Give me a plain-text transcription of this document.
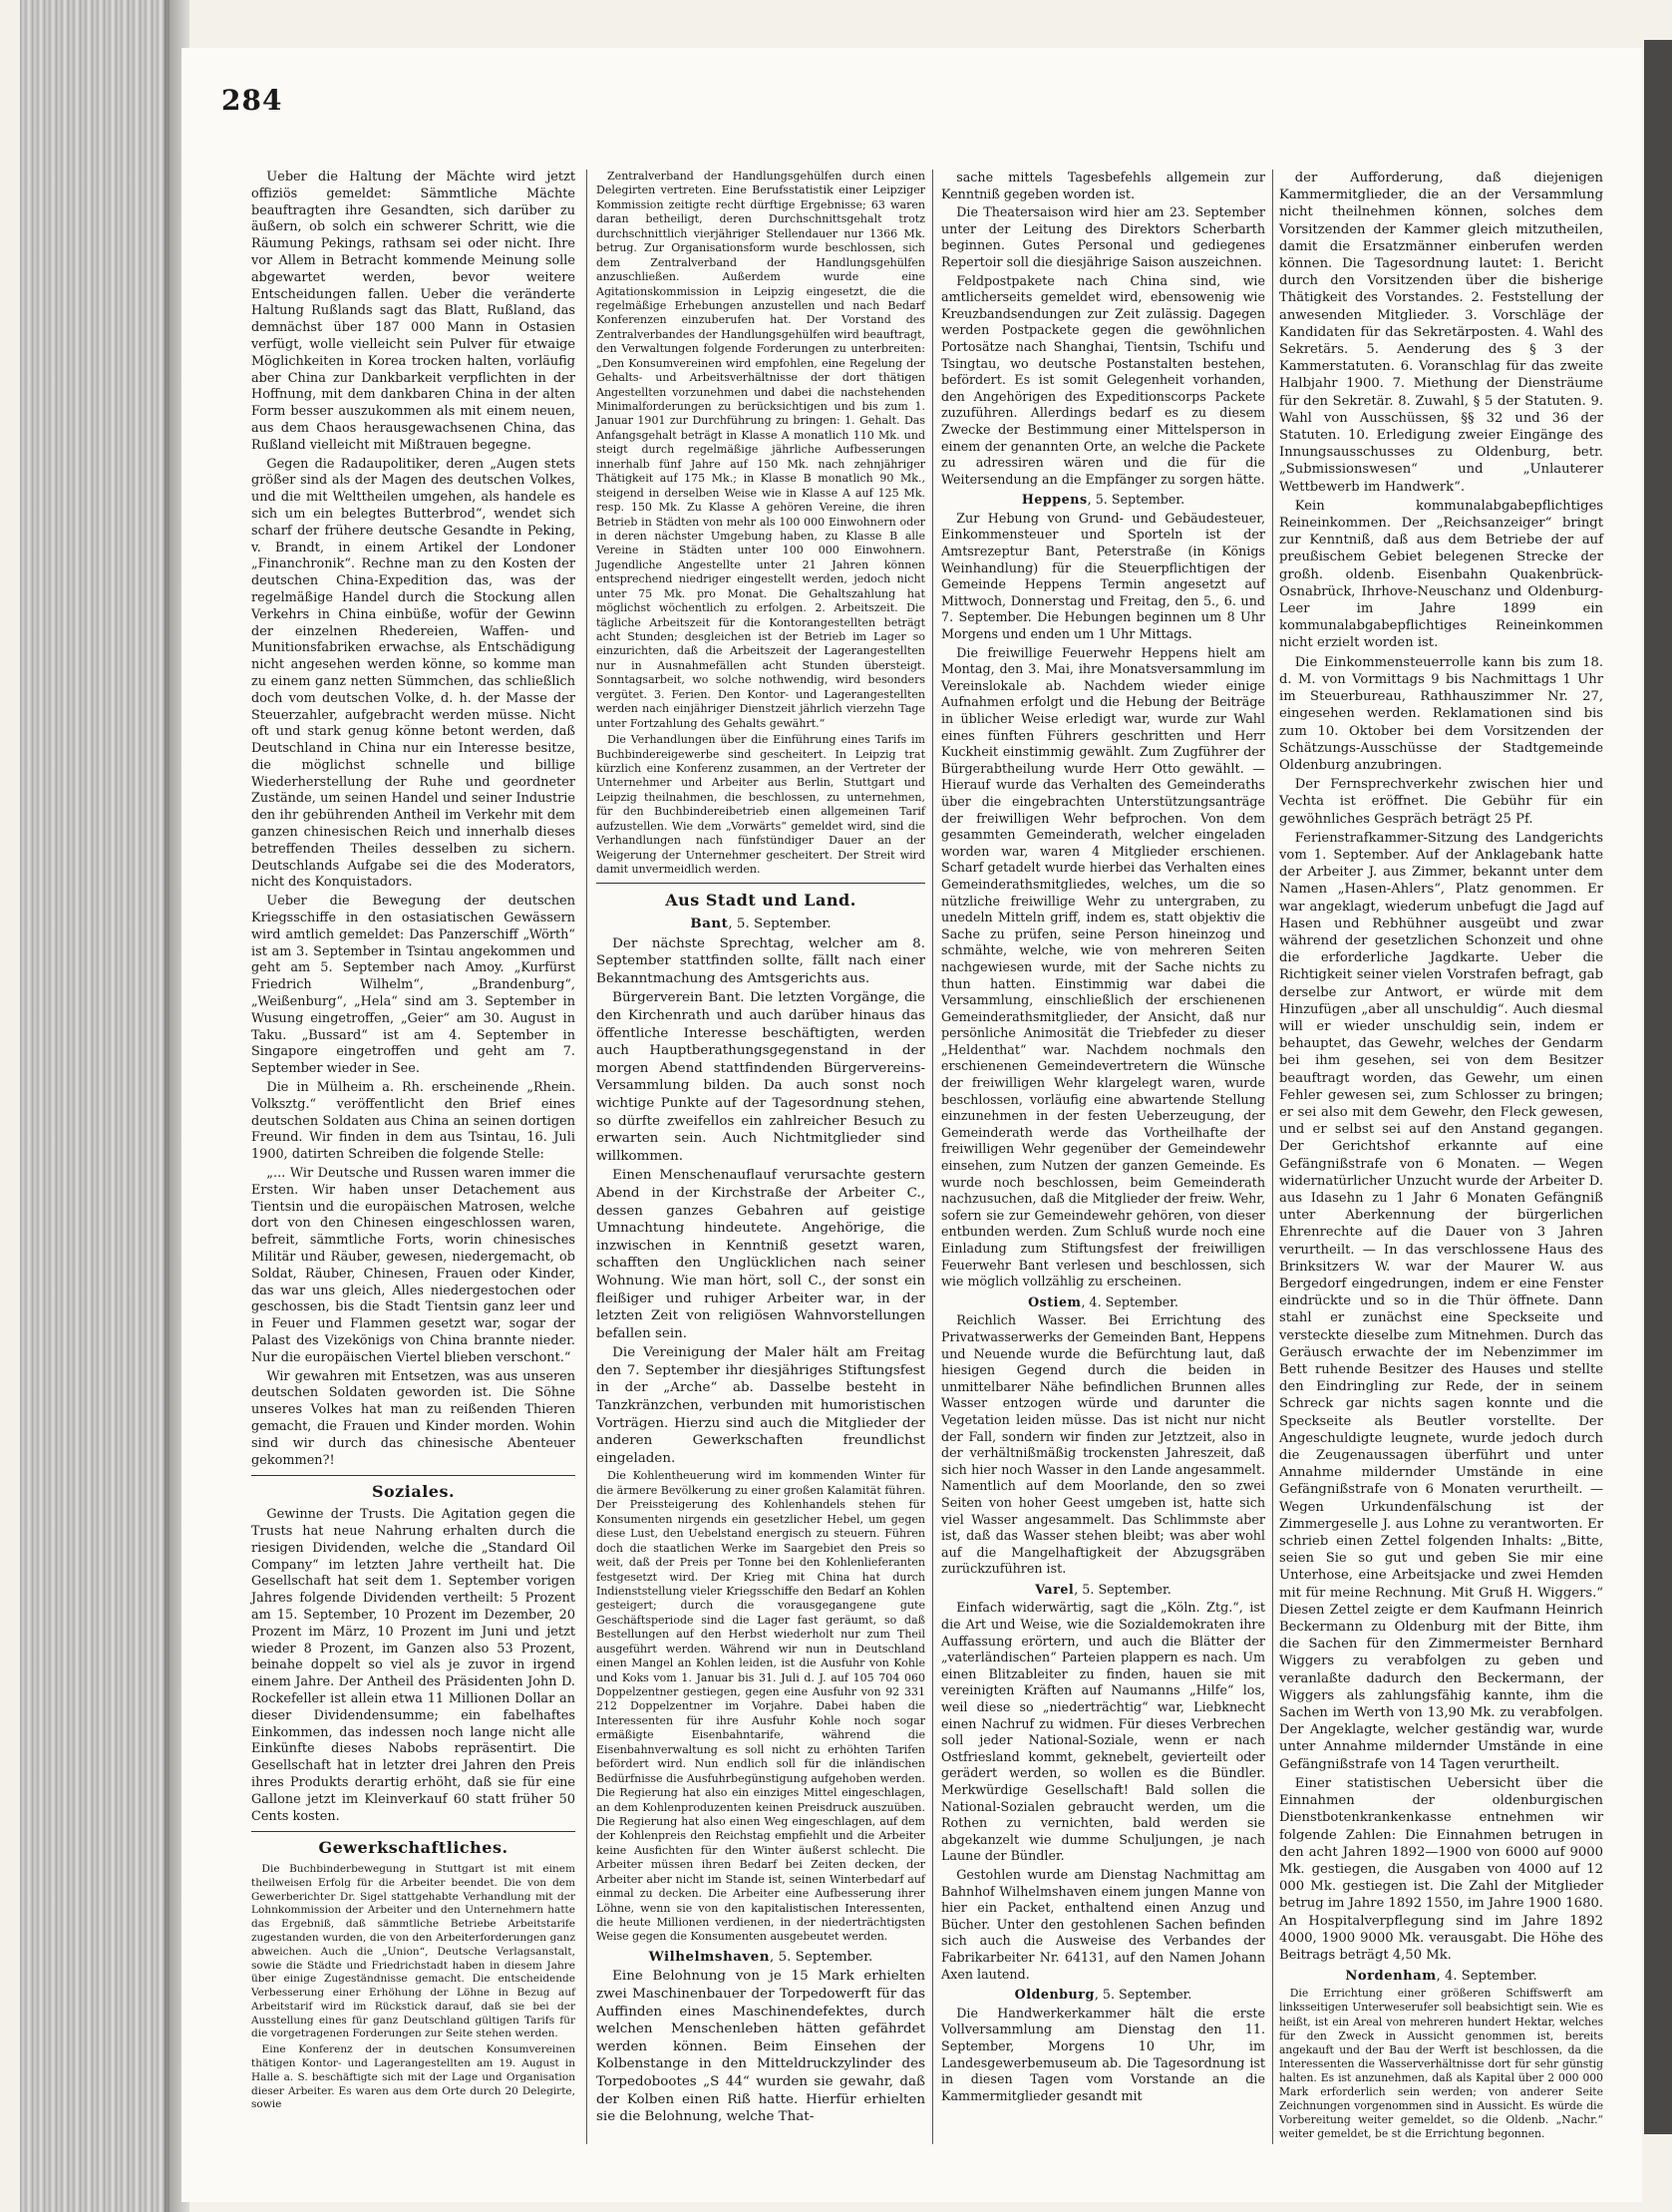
284

Ueber die Haltung der Mächte wird jetzt offiziös gemeldet: Sämmtliche Mächte beauftragten ihre Gesandten, sich darüber zu äußern, ob solch ein schwerer Schritt, wie die Räumung Pekings, rathsam sei oder nicht. Ihre vor Allem in Betracht kommende Meinung solle abgewartet werden, bevor weitere Entscheidungen fallen. Ueber die veränderte Haltung Rußlands sagt das Blatt, Rußland, das demnächst über 187 000 Mann in Ostasien verfügt, wolle vielleicht sein Pulver für etwaige Möglichkeiten in Korea trocken halten, vorläufig aber China zur Dankbarkeit verpflichten in der Hoffnung, mit dem dankbaren China in der alten Form besser auszukommen als mit einem neuen, aus dem Chaos herausgewachsenen China, das Rußland vielleicht mit Mißtrauen begegne.

Gegen die Radaupolitiker, deren „Augen stets größer sind als der Magen des deutschen Volkes, und die mit Welttheilen umgehen, als handele es sich um ein belegtes Butterbrod“, wendet sich scharf der frühere deutsche Gesandte in Peking, v. Brandt, in einem Artikel der Londoner „Financhronik“. Rechne man zu den Kosten der deutschen China-Expedition das, was der regelmäßige Handel durch die Stockung allen Verkehrs in China einbüße, wofür der Gewinn der einzelnen Rhedereien, Waffen- und Munitionsfabriken erwachse, als Entschädigung nicht angesehen werden könne, so komme man zu einem ganz netten Sümmchen, das schließlich doch vom deutschen Volke, d. h. der Masse der Steuerzahler, aufgebracht werden müsse. Nicht oft und stark genug könne betont werden, daß Deutschland in China nur ein Interesse besitze, die möglichst schnelle und billige Wiederherstellung der Ruhe und geordneter Zustände, um seinen Handel und seiner Industrie den ihr gebührenden Antheil im Verkehr mit dem ganzen chinesischen Reich und innerhalb dieses betreffenden Theiles desselben zu sichern. Deutschlands Aufgabe sei die des Moderators, nicht des Konquistadors.

Ueber die Bewegung der deutschen Kriegsschiffe in den ostasiatischen Gewässern wird amtlich gemeldet: Das Panzerschiff „Wörth“ ist am 3. September in Tsintau angekommen und geht am 5. September nach Amoy. „Kurfürst Friedrich Wilhelm“, „Brandenburg“, „Weißenburg“, „Hela“ sind am 3. September in Wusung eingetroffen, „Geier“ am 30. August in Taku. „Bussard“ ist am 4. September in Singapore eingetroffen und geht am 7. September wieder in See.

Die in Mülheim a. Rh. erscheinende „Rhein. Volksztg.“ veröffentlicht den Brief eines deutschen Soldaten aus China an seinen dortigen Freund. Wir finden in dem aus Tsintau, 16. Juli 1900, datirten Schreiben die folgende Stelle:

„... Wir Deutsche und Russen waren immer die Ersten. Wir haben unser Detachement aus Tientsin und die europäischen Matrosen, welche dort von den Chinesen eingeschlossen waren, befreit, sämmtliche Forts, worin chinesisches Militär und Räuber, gewesen, niedergemacht, ob Soldat, Räuber, Chinesen, Frauen oder Kinder, das war uns gleich, Alles niedergestochen oder geschossen, bis die Stadt Tientsin ganz leer und in Feuer und Flammen gesetzt war, sogar der Palast des Vizekönigs von China brannte nieder. Nur die europäischen Viertel blieben verschont.“

Wir gewahren mit Entsetzen, was aus unseren deutschen Soldaten geworden ist. Die Söhne unseres Volkes hat man zu reißenden Thieren gemacht, die Frauen und Kinder morden. Wohin sind wir durch das chinesische Abenteuer gekommen?!

Soziales.

Gewinne der Trusts. Die Agitation gegen die Trusts hat neue Nahrung erhalten durch die riesigen Dividenden, welche die „Standard Oil Company“ im letzten Jahre vertheilt hat. Die Gesellschaft hat seit dem 1. September vorigen Jahres folgende Dividenden vertheilt: 5 Prozent am 15. September, 10 Prozent im Dezember, 20 Prozent im März, 10 Prozent im Juni und jetzt wieder 8 Prozent, im Ganzen also 53 Prozent, beinahe doppelt so viel als je zuvor in irgend einem Jahre. Der Antheil des Präsidenten John D. Rockefeller ist allein etwa 11 Millionen Dollar an dieser Dividendensumme; ein fabelhaftes Einkommen, das indessen noch lange nicht alle Einkünfte dieses Nabobs repräsentirt. Die Gesellschaft hat in letzter drei Jahren den Preis ihres Produkts derartig erhöht, daß sie für eine Gallone jetzt im Kleinverkauf 60 statt früher 50 Cents kosten.

Gewerkschaftliches.

Die Buchbinderbewegung in Stuttgart ist mit einem theilweisen Erfolg für die Arbeiter beendet. Die von dem Gewerberichter Dr. Sigel stattgehabte Verhandlung mit der Lohnkommission der Arbeiter und den Unternehmern hatte das Ergebniß, daß sämmtliche Betriebe Arbeitstarife zugestanden wurden, die von den Arbeiterforderungen ganz abweichen. Auch die „Union“, Deutsche Verlagsanstalt, sowie die Städte und Friedrichstadt haben in diesem Jahre über einige Zugeständnisse gemacht. Die entscheidende Verbesserung einer Erhöhung der Löhne in Bezug auf Arbeitstarif wird im Rückstick darauf, daß sie bei der Ausstellung eines für ganz Deutschland gültigen Tarifs für die vorgetragenen Forderungen zur Seite stehen werden.

Eine Konferenz der in deutschen Konsumvereinen thätigen Kontor- und Lagerangestellten am 19. August in Halle a. S. beschäftigte sich mit der Lage und Organisation dieser Arbeiter. Es waren aus dem Orte durch 20 Delegirte, sowie

Zentralverband der Handlungsgehülfen durch einen Delegirten vertreten. Eine Berufsstatistik einer Leipziger Kommission zeitigte recht dürftige Ergebnisse; 63 waren daran betheiligt, deren Durchschnittsgehalt trotz durchschnittlich vierjähriger Stellendauer nur 1366 Mk. betrug. Zur Organisationsform wurde beschlossen, sich dem Zentralverband der Handlungsgehülfen anzuschließen. Außerdem wurde eine Agitationskommission in Leipzig eingesetzt, die die regelmäßige Erhebungen anzustellen und nach Bedarf Konferenzen einzuberufen hat. Der Vorstand des Zentralverbandes der Handlungsgehülfen wird beauftragt, den Verwaltungen folgende Forderungen zu unterbreiten: „Den Konsumvereinen wird empfohlen, eine Regelung der Gehalts- und Arbeitsverhältnisse der dort thätigen Angestellten vorzunehmen und dabei die nachstehenden Minimalforderungen zu berücksichtigen und bis zum 1. Januar 1901 zur Durchführung zu bringen: 1. Gehalt. Das Anfangsgehalt beträgt in Klasse A monatlich 110 Mk. und steigt durch regelmäßige jährliche Aufbesserungen innerhalb fünf Jahre auf 150 Mk. nach zehnjähriger Thätigkeit auf 175 Mk.; in Klasse B monatlich 90 Mk., steigend in derselben Weise wie in Klasse A auf 125 Mk. resp. 150 Mk. Zu Klasse A gehören Vereine, die ihren Betrieb in Städten von mehr als 100 000 Einwohnern oder in deren nächster Umgebung haben, zu Klasse B alle Vereine in Städten unter 100 000 Einwohnern. Jugendliche Angestellte unter 21 Jahren können entsprechend niedriger eingestellt werden, jedoch nicht unter 75 Mk. pro Monat. Die Gehaltszahlung hat möglichst wöchentlich zu erfolgen. 2. Arbeitszeit. Die tägliche Arbeitszeit für die Kontorangestellten beträgt acht Stunden; desgleichen ist der Betrieb im Lager so einzurichten, daß die Arbeitszeit der Lagerangestellten nur in Ausnahmefällen acht Stunden übersteigt. Sonntagsarbeit, wo solche nothwendig, wird besonders vergütet. 3. Ferien. Den Kontor- und Lagerangestellten werden nach einjähriger Dienstzeit jährlich vierzehn Tage unter Fortzahlung des Gehalts gewährt.“

Die Verhandlungen über die Einführung eines Tarifs im Buchbindereigewerbe sind gescheitert. In Leipzig trat kürzlich eine Konferenz zusammen, an der Vertreter der Unternehmer und Arbeiter aus Berlin, Stuttgart und Leipzig theilnahmen, die beschlossen, zu unternehmen, für den Buchbindereibetrieb einen allgemeinen Tarif aufzustellen. Wie dem „Vorwärts“ gemeldet wird, sind die Verhandlungen nach fünfstündiger Dauer an der Weigerung der Unternehmer gescheitert. Der Streit wird damit unvermeidlich werden.

Aus Stadt und Land.
Bant, 5. September.

Der nächste Sprechtag, welcher am 8. September stattfinden sollte, fällt nach einer Bekanntmachung des Amtsgerichts aus.

Bürgerverein Bant. Die letzten Vorgänge, die den Kirchenrath und auch darüber hinaus das öffentliche Interesse beschäftigten, werden auch Hauptberathungsgegenstand in der morgen Abend stattfindenden Bürgervereins-Versammlung bilden. Da auch sonst noch wichtige Punkte auf der Tagesordnung stehen, so dürfte zweifellos ein zahlreicher Besuch zu erwarten sein. Auch Nichtmitglieder sind willkommen.

Einen Menschenauflauf verursachte gestern Abend in der Kirchstraße der Arbeiter C., dessen ganzes Gebahren auf geistige Umnachtung hindeutete. Angehörige, die inzwischen in Kenntniß gesetzt waren, schafften den Unglücklichen nach seiner Wohnung. Wie man hört, soll C., der sonst ein fleißiger und ruhiger Arbeiter war, in der letzten Zeit von religiösen Wahnvorstellungen befallen sein.

Die Vereinigung der Maler hält am Freitag den 7. September ihr diesjähriges Stiftungsfest in der „Arche“ ab. Dasselbe besteht in Tanzkränzchen, verbunden mit humoristischen Vorträgen. Hierzu sind auch die Mitglieder der anderen Gewerkschaften freundlichst eingeladen.

Die Kohlentheuerung wird im kommenden Winter für die ärmere Bevölkerung zu einer großen Kalamität führen. Der Preissteigerung des Kohlenhandels stehen für Konsumenten nirgends ein gesetzlicher Hebel, um gegen diese Lust, den Uebelstand energisch zu steuern. Führen doch die staatlichen Werke im Saargebiet den Preis so weit, daß der Preis per Tonne bei den Kohlenlieferanten festgesetzt wird. Der Krieg mit China hat durch Indienststellung vieler Kriegsschiffe den Bedarf an Kohlen gesteigert; durch die vorausgegangene gute Geschäftsperiode sind die Lager fast geräumt, so daß Bestellungen auf den Herbst wiederholt nur zum Theil ausgeführt werden. Während wir nun in Deutschland einen Mangel an Kohlen leiden, ist die Ausfuhr von Kohle und Koks vom 1. Januar bis 31. Juli d. J. auf 105 704 060 Doppelzentner gestiegen, gegen eine Ausfuhr von 92 331 212 Doppelzentner im Vorjahre. Dabei haben die Interessenten für ihre Ausfuhr Kohle noch sogar ermäßigte Eisenbahntarife, während die Eisenbahnverwaltung es soll nicht zu erhöhten Tarifen befördert wird. Nun endlich soll für die inländischen Bedürfnisse die Ausfuhrbegünstigung aufgehoben werden. Die Regierung hat also ein einziges Mittel eingeschlagen, an dem Kohlenproduzenten keinen Preisdruck auszuüben. Die Regierung hat also einen Weg eingeschlagen, auf dem der Kohlenpreis den Reichstag empfiehlt und die Arbeiter keine Ausfichten für den Winter äußerst schlecht. Die Arbeiter müssen ihren Bedarf bei Zeiten decken, der Arbeiter aber nicht im Stande ist, seinen Winterbedarf auf einmal zu decken. Die Arbeiter eine Aufbesserung ihrer Löhne, wenn sie von den kapitalistischen Interessenten, die heute Millionen verdienen, in der niederträchtigsten Weise gegen die Konsumenten ausgebeutet werden.

Wilhelmshaven, 5. September.

Eine Belohnung von je 15 Mark erhielten zwei Maschinenbauer der Torpedowerft für das Auffinden eines Maschinendefektes, durch welchen Menschenleben hätten gefährdet werden können. Beim Einsehen der Kolbenstange in den Mitteldruckzylinder des Torpedobootes „S 44“ wurden sie gewahr, daß der Kolben einen Riß hatte. Hierfür erhielten sie die Belohnung, welche That-

sache mittels Tagesbefehls allgemein zur Kenntniß gegeben worden ist.

Die Theatersaison wird hier am 23. September unter der Leitung des Direktors Scherbarth beginnen. Gutes Personal und gediegenes Repertoir soll die diesjährige Saison auszeichnen.

Feldpostpakete nach China sind, wie amtlicherseits gemeldet wird, ebensowenig wie Kreuzbandsendungen zur Zeit zulässig. Dagegen werden Postpackete gegen die gewöhnlichen Portosätze nach Shanghai, Tientsin, Tschifu und Tsingtau, wo deutsche Postanstalten bestehen, befördert. Es ist somit Gelegenheit vorhanden, den Angehörigen des Expeditionscorps Packete zuzuführen. Allerdings bedarf es zu diesem Zwecke der Bestimmung einer Mittelsperson in einem der genannten Orte, an welche die Packete zu adressiren wären und die für die Weitersendung an die Empfänger zu sorgen hätte.

Heppens, 5. September.

Zur Hebung von Grund- und Gebäudesteuer, Einkommensteuer und Sporteln ist der Amtsrezeptur Bant, Peterstraße (in Königs Weinhandlung) für die Steuerpflichtigen der Gemeinde Heppens Termin angesetzt auf Mittwoch, Donnerstag und Freitag, den 5., 6. und 7. September. Die Hebungen beginnen um 8 Uhr Morgens und enden um 1 Uhr Mittags.

Die freiwillige Feuerwehr Heppens hielt am Montag, den 3. Mai, ihre Monatsversammlung im Vereinslokale ab. Nachdem wieder einige Aufnahmen erfolgt und die Hebung der Beiträge in üblicher Weise erledigt war, wurde zur Wahl eines fünften Führers geschritten und Herr Kuckheit einstimmig gewählt. Zum Zugführer der Bürgerabtheilung wurde Herr Otto gewählt. — Hierauf wurde das Verhalten des Gemeinderaths über die eingebrachten Unterstützungsanträge der freiwilligen Wehr befprochen. Von dem gesammten Gemeinderath, welcher eingeladen worden war, waren 4 Mitglieder erschienen. Scharf getadelt wurde hierbei das Verhalten eines Gemeinderathsmitgliedes, welches, um die so nützliche freiwillige Wehr zu untergraben, zu unedeln Mitteln griff, indem es, statt objektiv die Sache zu prüfen, seine Person hineinzog und schmähte, welche, wie von mehreren Seiten nachgewiesen wurde, mit der Sache nichts zu thun hatten. Einstimmig war dabei die Versammlung, einschließlich der erschienenen Gemeinderathsmitglieder, der Ansicht, daß nur persönliche Animosität die Triebfeder zu dieser „Heldenthat“ war. Nachdem nochmals den erschienenen Gemeindevertretern die Wünsche der freiwilligen Wehr klargelegt waren, wurde beschlossen, vorläufig eine abwartende Stellung einzunehmen in der festen Ueberzeugung, der Gemeinderath werde das Vortheilhafte der freiwilligen Wehr gegenüber der Gemeindewehr einsehen, zum Nutzen der ganzen Gemeinde. Es wurde noch beschlossen, beim Gemeinderath nachzusuchen, daß die Mitglieder der freiw. Wehr, sofern sie zur Gemeindewehr gehören, von dieser entbunden werden. Zum Schluß wurde noch eine Einladung zum Stiftungsfest der freiwilligen Feuerwehr Bant verlesen und beschlossen, sich wie möglich vollzählig zu erscheinen.

Ostiem, 4. September.

Reichlich Wasser. Bei Errichtung des Privatwasserwerks der Gemeinden Bant, Heppens und Neuende wurde die Befürchtung laut, daß hiesigen Gegend durch die beiden in unmittelbarer Nähe befindlichen Brunnen alles Wasser entzogen würde und darunter die Vegetation leiden müsse. Das ist nicht nur nicht der Fall, sondern wir finden zur Jetztzeit, also in der verhältnißmäßig trockensten Jahreszeit, daß sich hier noch Wasser in den Lande angesammelt. Namentlich auf dem Moorlande, den so zwei Seiten von hoher Geest umgeben ist, hatte sich viel Wasser angesammelt. Das Schlimmste aber ist, daß das Wasser stehen bleibt; was aber wohl auf die Mangelhaftigkeit der Abzugsgräben zurückzuführen ist.

Varel, 5. September.

Einfach widerwärtig, sagt die „Köln. Ztg.“, ist die Art und Weise, wie die Sozialdemokraten ihre Auffassung erörtern, und auch die Blätter der „vaterländischen“ Parteien plappern es nach. Um einen Blitzableiter zu finden, hauen sie mit vereinigten Kräften auf Naumanns „Hilfe“ los, weil diese so „niederträchtig“ war, Liebknecht einen Nachruf zu widmen. Für dieses Verbrechen soll jeder National-Soziale, wenn er nach Ostfriesland kommt, geknebelt, gevierteilt oder gerädert werden, so wollen es die Bündler. Merkwürdige Gesellschaft! Bald sollen die National-Sozialen gebraucht werden, um die Rothen zu vernichten, bald werden sie abgekanzelt wie dumme Schuljungen, je nach Laune der Bündler.

Gestohlen wurde am Dienstag Nachmittag am Bahnhof Wilhelmshaven einem jungen Manne von hier ein Packet, enthaltend einen Anzug und Bücher. Unter den gestohlenen Sachen befinden sich auch die Ausweise des Verbandes der Fabrikarbeiter Nr. 64131, auf den Namen Johann Axen lautend.

Oldenburg, 5. September.

Die Handwerkerkammer hält die erste Vollversammlung am Dienstag den 11. September, Morgens 10 Uhr, im Landesgewerbemuseum ab. Die Tagesordnung ist in diesen Tagen vom Vorstande an die Kammermitglieder gesandt mit

der Aufforderung, daß diejenigen Kammermitglieder, die an der Versammlung nicht theilnehmen können, solches dem Vorsitzenden der Kammer gleich mitzutheilen, damit die Ersatzmänner einberufen werden können. Die Tagesordnung lautet: 1. Bericht durch den Vorsitzenden über die bisherige Thätigkeit des Vorstandes. 2. Feststellung der anwesenden Mitglieder. 3. Vorschläge der Kandidaten für das Sekretärposten. 4. Wahl des Sekretärs. 5. Aenderung des § 3 der Kammerstatuten. 6. Voranschlag für das zweite Halbjahr 1900. 7. Miethung der Diensträume für den Sekretär. 8. Zuwahl, § 5 der Statuten. 9. Wahl von Ausschüssen, §§ 32 und 36 der Statuten. 10. Erledigung zweier Eingänge des Innungsausschusses zu Oldenburg, betr. „Submissionswesen“ und „Unlauterer Wettbewerb im Handwerk“.

Kein kommunalabgabepflichtiges Reineinkommen. Der „Reichsanzeiger“ bringt zur Kenntniß, daß aus dem Betriebe der auf preußischem Gebiet belegenen Strecke der großh. oldenb. Eisenbahn Quakenbrück-Osnabrück, Ihrhove-Neuschanz und Oldenburg-Leer im Jahre 1899 ein kommunalabgabepflichtiges Reineinkommen nicht erzielt worden ist.

Die Einkommensteuerrolle kann bis zum 18. d. M. von Vormittags 9 bis Nachmittags 1 Uhr im Steuerbureau, Rathhauszimmer Nr. 27, eingesehen werden. Reklamationen sind bis zum 10. Oktober bei dem Vorsitzenden der Schätzungs-Ausschüsse der Stadtgemeinde Oldenburg anzubringen.

Der Fernsprechverkehr zwischen hier und Vechta ist eröffnet. Die Gebühr für ein gewöhnliches Gespräch beträgt 25 Pf.

Ferienstrafkammer-Sitzung des Landgerichts vom 1. September. Auf der Anklagebank hatte der Arbeiter J. aus Zimmer, bekannt unter dem Namen „Hasen-Ahlers“, Platz genommen. Er war angeklagt, wiederum unbefugt die Jagd auf Hasen und Rebhühner ausgeübt und zwar während der gesetzlichen Schonzeit und ohne die erforderliche Jagdkarte. Ueber die Richtigkeit seiner vielen Vorstrafen befragt, gab derselbe zur Antwort, er würde mit dem Hinzufügen „aber all unschuldig“. Auch diesmal will er wieder unschuldig sein, indem er behauptet, das Gewehr, welches der Gendarm bei ihm gesehen, sei von dem Besitzer beauftragt worden, das Gewehr, um einen Fehler gewesen sei, zum Schlosser zu bringen; er sei also mit dem Gewehr, den Fleck gewesen, und er selbst sei auf den Anstand gegangen. Der Gerichtshof erkannte auf eine Gefängnißstrafe von 6 Monaten. — Wegen widernatürlicher Unzucht wurde der Arbeiter D. aus Idasehn zu 1 Jahr 6 Monaten Gefängniß unter Aberkennung der bürgerlichen Ehrenrechte auf die Dauer von 3 Jahren verurtheilt. — In das verschlossene Haus des Brinksitzers W. war der Maurer W. aus Bergedorf eingedrungen, indem er eine Fenster eindrückte und so in die Thür öffnete. Dann stahl er zunächst eine Speckseite und versteckte dieselbe zum Mitnehmen. Durch das Geräusch erwachte der im Nebenzimmer im Bett ruhende Besitzer des Hauses und stellte den Eindringling zur Rede, der in seinem Schreck gar nichts sagen konnte und die Speckseite als Beutler vorstellte. Der Angeschuldigte leugnete, wurde jedoch durch die Zeugenaussagen überführt und unter Annahme mildernder Umstände in eine Gefängnißstrafe von 6 Monaten verurtheilt. — Wegen Urkundenfälschung ist der Zimmergeselle J. aus Lohne zu verantworten. Er schrieb einen Zettel folgenden Inhalts: „Bitte, seien Sie so gut und geben Sie mir eine Unterhose, eine Arbeitsjacke und zwei Hemden mit für meine Rechnung. Mit Gruß H. Wiggers.“ Diesen Zettel zeigte er dem Kaufmann Heinrich Beckermann zu Oldenburg mit der Bitte, ihm die Sachen für den Zimmermeister Bernhard Wiggers zu verabfolgen zu geben und veranlaßte dadurch den Beckermann, der Wiggers als zahlungsfähig kannte, ihm die Sachen im Werth von 13,90 Mk. zu verabfolgen. Der Angeklagte, welcher geständig war, wurde unter Annahme mildernder Umstände in eine Gefängnißstrafe von 14 Tagen verurtheilt.

Einer statistischen Uebersicht über die Einnahmen der oldenburgischen Dienstbotenkrankenkasse entnehmen wir folgende Zahlen: Die Einnahmen betrugen in den acht Jahren 1892—1900 von 6000 auf 9000 Mk. gestiegen, die Ausgaben von 4000 auf 12 000 Mk. gestiegen ist. Die Zahl der Mitglieder betrug im Jahre 1892 1550, im Jahre 1900 1680. An Hospitalverpflegung sind im Jahre 1892 4000, 1900 9000 Mk. verausgabt. Die Höhe des Beitrags beträgt 4,50 Mk.

Nordenham, 4. September.

Die Errichtung einer größeren Schiffswerft am linksseitigen Unterweserufer soll beabsichtigt sein. Wie es heißt, ist ein Areal von mehreren hundert Hektar, welches für den Zweck in Aussicht genommen ist, bereits angekauft und der Bau der Werft ist beschlossen, da die Interessenten die Wasserverhältnisse dort für sehr günstig halten. Es ist anzunehmen, daß als Kapital über 2 000 000 Mark erforderlich sein werden; von anderer Seite Zeichnungen vorgenommen sind in Aussicht. Es würde die Vorbereitung weiter gemeldet, so die Oldenb. „Nachr.“ weiter gemeldet, be st die Errichtung begonnen.
